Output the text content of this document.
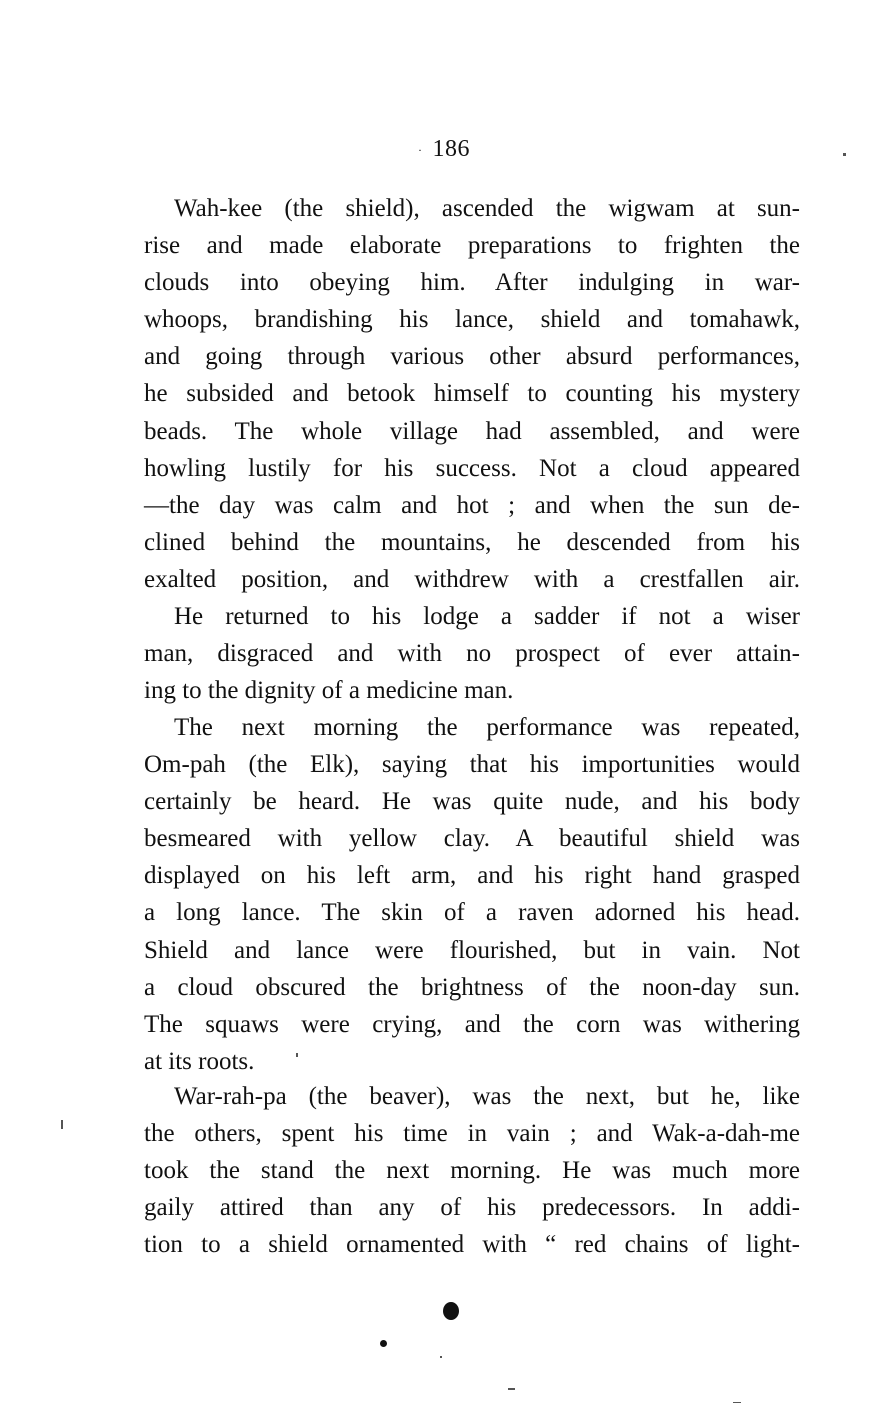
· 186
Wah-kee (the shield), ascended the wigwam at sun-
rise and made elaborate preparations to frighten the
clouds into obeying him. After indulging in war-
whoops, brandishing his lance, shield and tomahawk,
and going through various other absurd performances,
he subsided and betook himself to counting his mystery
beads. The whole village had assembled, and were
howling lustily for his success. Not a cloud appeared
—the day was calm and hot ; and when the sun de-
clined behind the mountains, he descended from his
exalted position, and withdrew with a crestfallen air.
He returned to his lodge a sadder if not a wiser
man, disgraced and with no prospect of ever attain-
ing to the dignity of a medicine man.
The next morning the performance was repeated,
Om-pah (the Elk), saying that his importunities would
certainly be heard. He was quite nude, and his body
besmeared with yellow clay. A beautiful shield was
displayed on his left arm, and his right hand grasped
a long lance. The skin of a raven adorned his head.
Shield and lance were flourished, but in vain. Not
a cloud obscured the brightness of the noon-day sun.
The squaws were crying, and the corn was withering
at its roots.
War-rah-pa (the beaver), was the next, but he, like
the others, spent his time in vain ; and Wak-a-dah-me
took the stand the next morning. He was much more
gaily attired than any of his predecessors. In addi-
tion to a shield ornamented with “ red chains of light-
